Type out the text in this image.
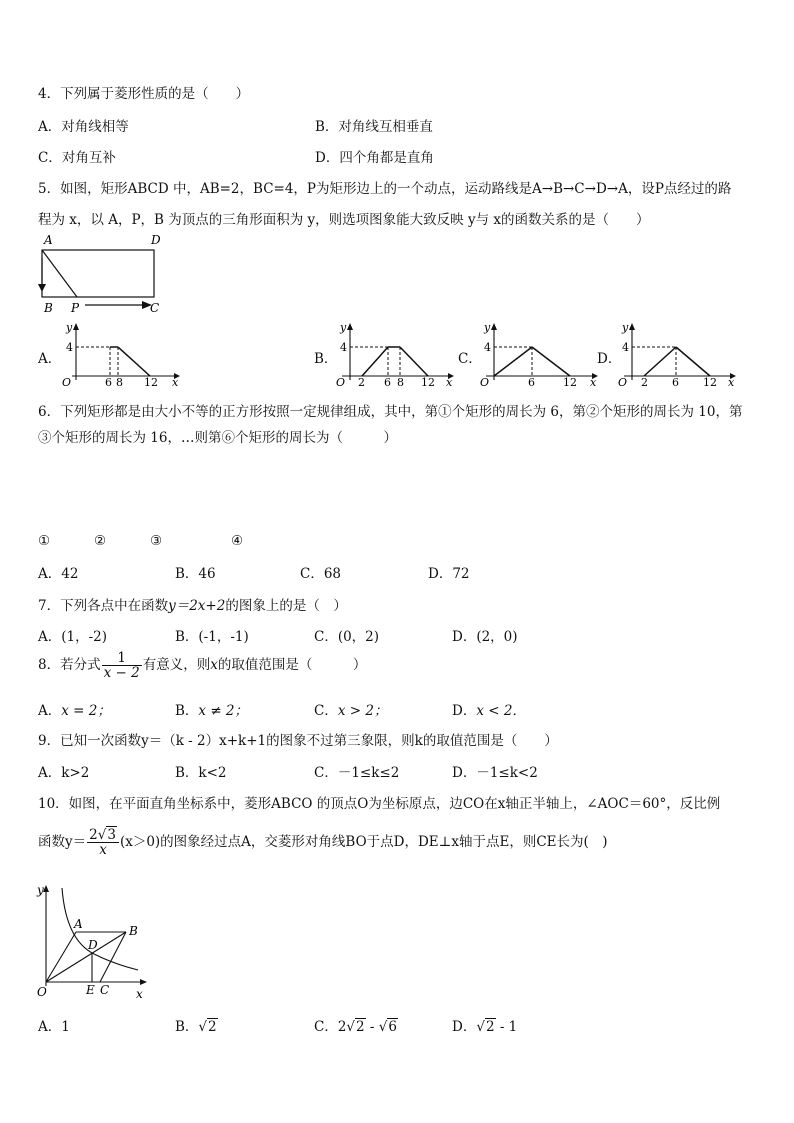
4．下列属于菱形性质的是（　　）
A．对角线相等	B．对角线互相垂直
C．对角互补	D．四个角都是直角
5．如图，矩形ABCD 中，AB=2，BC=4，P为矩形边上的一个动点，运动路线是A→B→C→D→A，设P点经过的路
程为 x，以 A，P，B 为顶点的三角形面积为 y，则选项图象能大致反映 y与 x的函数关系的是（　　）
A	D
B P	C
A．
4
y
O	6 8 12 x
B．
4
y
O 2 6 8 12 x
C．
4
y
O	6	12 x
D．
4
y
O 2 6 12 x
6．下列矩形都是由大小不等的正方形按照一定规律组成，其中，第①个矩形的周长为 6，第②个矩形的周长为 10，第
③个矩形的周长为 16，…则第⑥个矩形的周长为（　　　）
①	②	③	④
A．42	B．46	C．68	D．72
7．下列各点中在函数y＝2x+2的图象上的是（　）
A．(1，-2)	B．(-1，-1)	C．(0，2)	D．(2，0)
8．若分式 $\frac{1}{x - 2}$ 有意义，则x的取值范围是（　　　）
A．x = 2；	B．x ≠ 2；	C．x > 2；	D．x < 2．
9．已知一次函数y＝（k - 2）x+k+1的图象不过第三象限，则k的取值范围是（　　）
A．k>2	B．k<2	C．－1≤k≤2	D．－1≤k<2
10．如图，在平面直角坐标系中，菱形ABCO 的顶点O为坐标原点，边CO在x轴正半轴上，∠AOC＝60°，反比例
函数$y= \frac{2√3}{x} (x>0)$的图象经过点A，交菱形对角线BO于点D，DE⊥x轴于点E，则CE长为(　)
y
A	B
D
O	E C x
A．1	B．√2	C．2√2 - √6	D．√2 - 1
